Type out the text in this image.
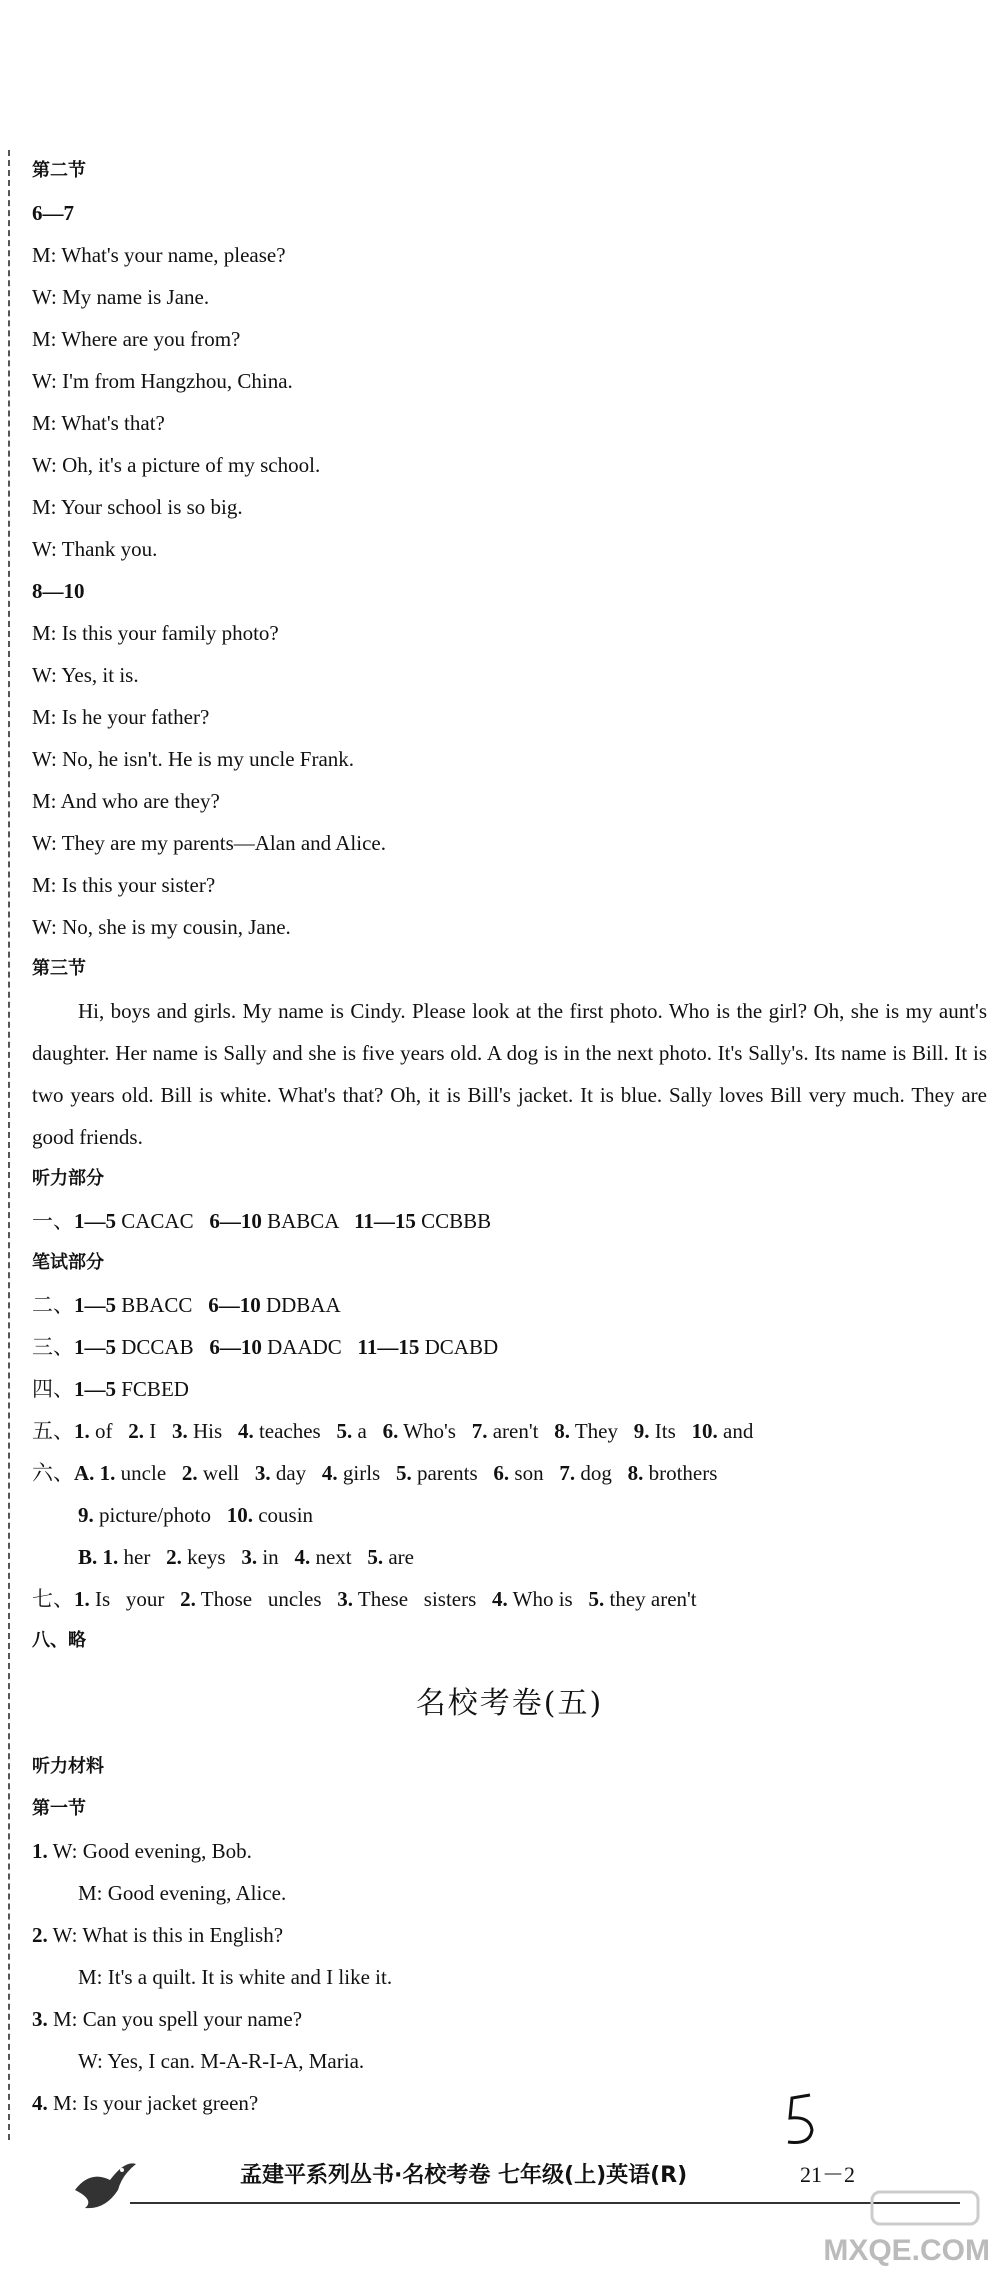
第二节
6—7
M: What's your name, please?
W: My name is Jane.
M: Where are you from?
W: I'm from Hangzhou, China.
M: What's that?
W: Oh, it's a picture of my school.
M: Your school is so big.
W: Thank you.
8—10
M: Is this your family photo?
W: Yes, it is.
M: Is he your father?
W: No, he isn't. He is my uncle Frank.
M: And who are they?
W: They are my parents—Alan and Alice.
M: Is this your sister?
W: No, she is my cousin, Jane.
第三节

Hi, boys and girls. My name is Cindy. Please look at the first photo. Who is the girl? Oh, she is my aunt's daughter. Her name is Sally and she is five years old. A dog is in the next photo. It's Sally's. Its name is Bill. It is two years old. Bill is white. What's that? Oh, it is Bill's jacket. It is blue. Sally loves Bill very much. They are good friends.

听力部分
一、1—5 CACAC   6—10 BABCA   11—15 CCBBB
笔试部分
二、1—5 BBACC   6—10 DDBAA
三、1—5 DCCAB   6—10 DAADC   11—15 DCABD
四、1—5 FCBED
五、1. of   2. I   3. His   4. teaches   5. a   6. Who's   7. aren't   8. They   9. Its   10. and
六、A. 1. uncle   2. well   3. day   4. girls   5. parents   6. son   7. dog   8. brothers
9. picture/photo   10. cousin
B. 1. her   2. keys   3. in   4. next   5. are
七、1. Is   your   2. Those   uncles   3. These   sisters   4. Who is   5. they aren't
八、略
名校考卷(五)
听力材料
第一节
1. W: Good evening, Bob.
M: Good evening, Alice.
2. W: What is this in English?
M: It's a quilt. It is white and I like it.
3. M: Can you spell your name?
W: Yes, I can. M-A-R-I-A, Maria.
4. M: Is your jacket green?
孟建平系列丛书·名校考卷 七年级(上)英语(R)	21－2
MXQE.COM
